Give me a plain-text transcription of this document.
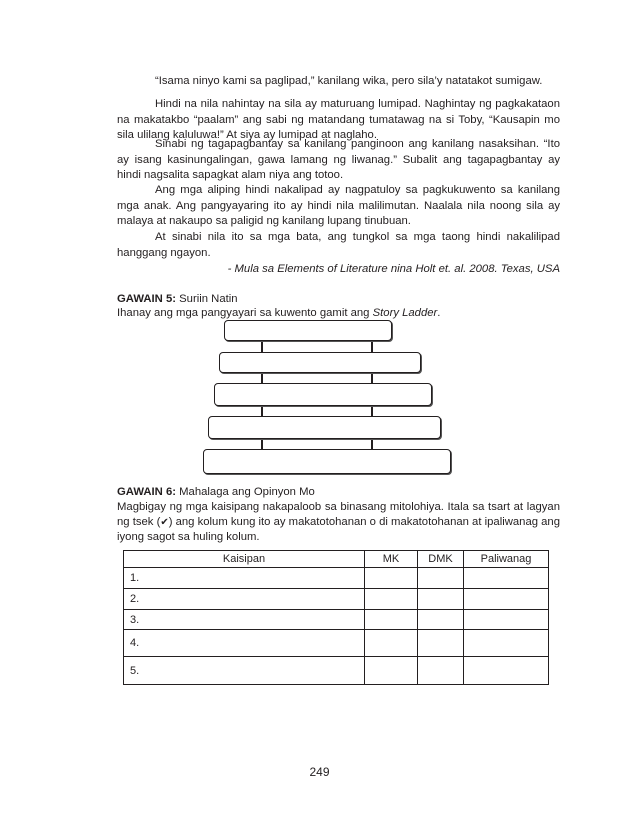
“Isama ninyo kami sa paglipad,” kanilang wika, pero sila’y natatakot sumigaw.

Hindi na nila nahintay na sila ay maturuang lumipad. Naghintay ng pagkakataon na makatakbo “paalam” ang sabi ng matandang tumatawag na si Toby, “Kausapin mo sila ulilang kaluluwa!” At siya ay lumipad at naglaho.

Sinabi ng tagapagbantay sa kanilang panginoon ang kanilang nasaksihan. “Ito ay isang kasinungalingan, gawa lamang ng liwanag.” Subalit ang tagapagbantay ay hindi nagsalita sapagkat alam niya ang totoo.

Ang mga aliping hindi nakalipad ay nagpatuloy sa pagkukuwento sa kanilang mga anak. Ang pangyayaring ito ay hindi nila malilimutan. Naalala nila noong sila ay malaya at nakaupo sa paligid ng kanilang lupang tinubuan.

At sinabi nila ito sa mga bata, ang tungkol sa mga taong hindi nakalilipad hanggang ngayon.

- Mula sa Elements of Literature nina Holt et. al. 2008. Texas, USA

GAWAIN 5: Suriin Natin

Ihanay ang mga pangyayari sa kuwento gamit ang Story Ladder.

GAWAIN 6: Mahalaga ang Opinyon Mo

Magbigay ng mga kaisipang nakapaloob sa binasang mitolohiya. Itala sa tsart at lagyan ng tsek (✔) ang kolum kung ito ay makatotohanan o di makatotohanan at ipaliwanag ang iyong sagot sa huling kolum.

Kaisipan	MK	DMK	Paliwanag
1.			
2.			
3.			
4.			
5.			
249
